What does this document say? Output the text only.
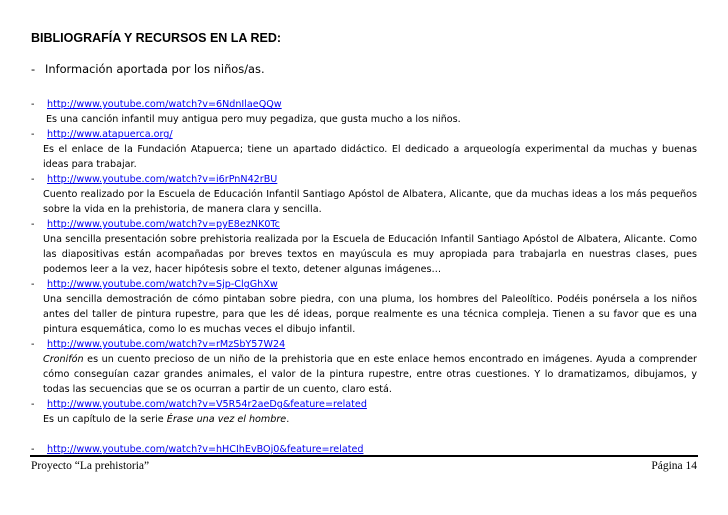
BIBLIOGRAFÍA Y RECURSOS EN LA RED:
- Información aportada por los niños/as.
- http://www.youtube.com/watch?v=6NdnIlaeQQw
Es una canción infantil muy antigua pero muy pegadiza, que gusta mucho a los niños.
- http://www.atapuerca.org/
Es el enlace de la Fundación Atapuerca; tiene un apartado didáctico. El dedicado a arqueología experimental da muchas y buenas ideas para trabajar.
- http://www.youtube.com/watch?v=i6rPnN42rBU
Cuento realizado por la Escuela de Educación Infantil Santiago Apóstol de Albatera, Alicante, que da muchas ideas a los más pequeños sobre la vida en la prehistoria, de manera clara y sencilla.
- http://www.youtube.com/watch?v=pyE8ezNK0Tc
Una sencilla presentación sobre prehistoria realizada por la Escuela de Educación Infantil Santiago Apóstol de Albatera, Alicante. Como las diapositivas están acompañadas por breves textos en mayúscula es muy apropiada para trabajarla en nuestras clases, pues podemos leer a la vez, hacer hipótesis sobre el texto, detener algunas imágenes…
- http://www.youtube.com/watch?v=Sjp-ClgGhXw
Una sencilla demostración de cómo pintaban sobre piedra, con una pluma, los hombres del Paleolítico. Podéis ponérsela a los niños antes del taller de pintura rupestre, para que les dé ideas, porque realmente es una técnica compleja. Tienen a su favor que es una pintura esquemática, como lo es muchas veces el dibujo infantil.
- http://www.youtube.com/watch?v=rMzSbY57W24
Cronifón es un cuento precioso de un niño de la prehistoria que en este enlace hemos encontrado en imágenes. Ayuda a comprender cómo conseguían cazar grandes animales, el valor de la pintura rupestre, entre otras cuestiones. Y lo dramatizamos, dibujamos, y todas las secuencias que se os ocurran a partir de un cuento, claro está.
- http://www.youtube.com/watch?v=V5R54r2aeDg&feature=related
Es un capítulo de la serie Érase una vez el hombre.
- http://www.youtube.com/watch?v=hHCIhEvBOj0&feature=related
Proyecto “La prehistoria”	Página 14
